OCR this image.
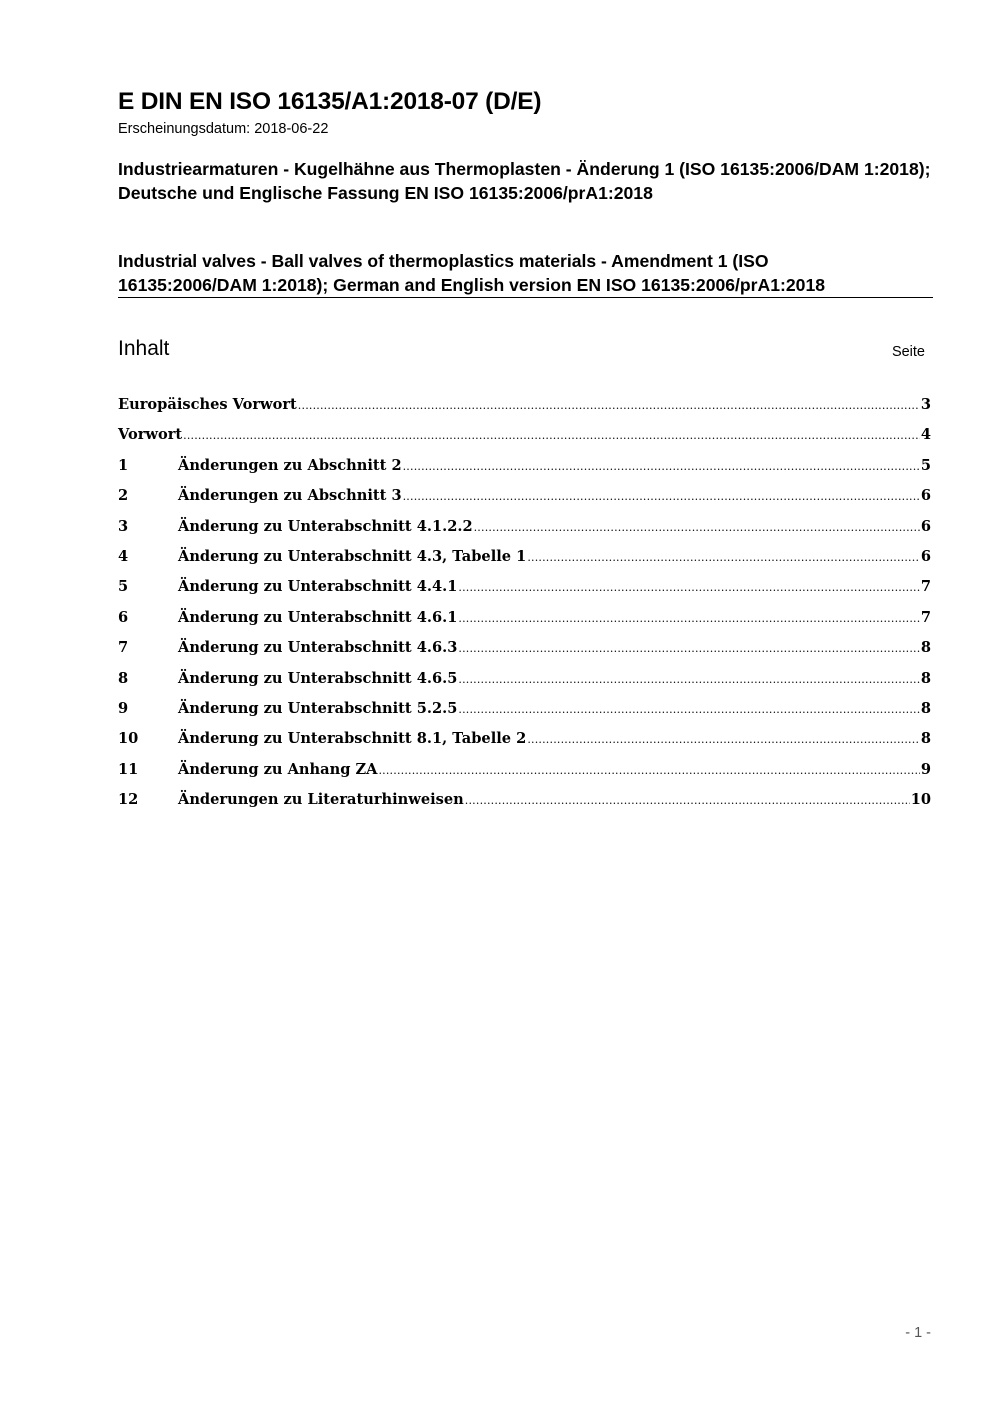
E DIN EN ISO 16135/A1:2018-07 (D/E)
Erscheinungsdatum: 2018-06-22
Industriearmaturen - Kugelhähne aus Thermoplasten - Änderung 1 (ISO 16135:2006/DAM 1:2018); Deutsche und Englische Fassung EN ISO 16135:2006/prA1:2018
Industrial valves - Ball valves of thermoplastics materials - Amendment 1 (ISO
16135:2006/DAM 1:2018); German and English version EN ISO 16135:2006/prA1:2018
Inhalt	Seite
Europäisches Vorwort .....	3
Vorwort .....	4
1	Änderungen zu Abschnitt 2 .....	5
2	Änderungen zu Abschnitt 3 .....	6
3	Änderung zu Unterabschnitt 4.1.2.2 .....	6
4	Änderung zu Unterabschnitt 4.3, Tabelle 1 .....	6
5	Änderung zu Unterabschnitt 4.4.1 .....	7
6	Änderung zu Unterabschnitt 4.6.1 .....	7
7	Änderung zu Unterabschnitt 4.6.3 .....	8
8	Änderung zu Unterabschnitt 4.6.5 .....	8
9	Änderung zu Unterabschnitt 5.2.5 .....	8
10	Änderung zu Unterabschnitt 8.1, Tabelle 2 .....	8
11	Änderung zu Anhang ZA .....	9
12	Änderungen zu Literaturhinweisen .....	10
- 1 -
